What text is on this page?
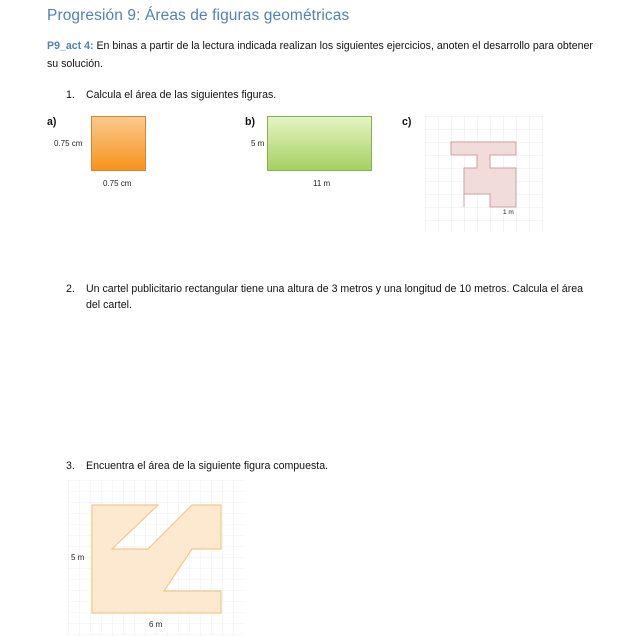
Progresión 9: Áreas de figuras geométricas
P9_act 4: En binas a partir de la lectura indicada realizan los siguientes ejercicios, anoten el desarrollo para obtener su solución.
1. Calcula el área de las siguientes figuras.
a)
0.75 cm
0.75 cm
b)
5 m
11 m
c)
1 m
2. Un cartel publicitario rectangular tiene una altura de 3 metros y una longitud de 10 metros. Calcula el área del cartel.
3. Encuentra el área de la siguiente figura compuesta.
5 m
6 m
